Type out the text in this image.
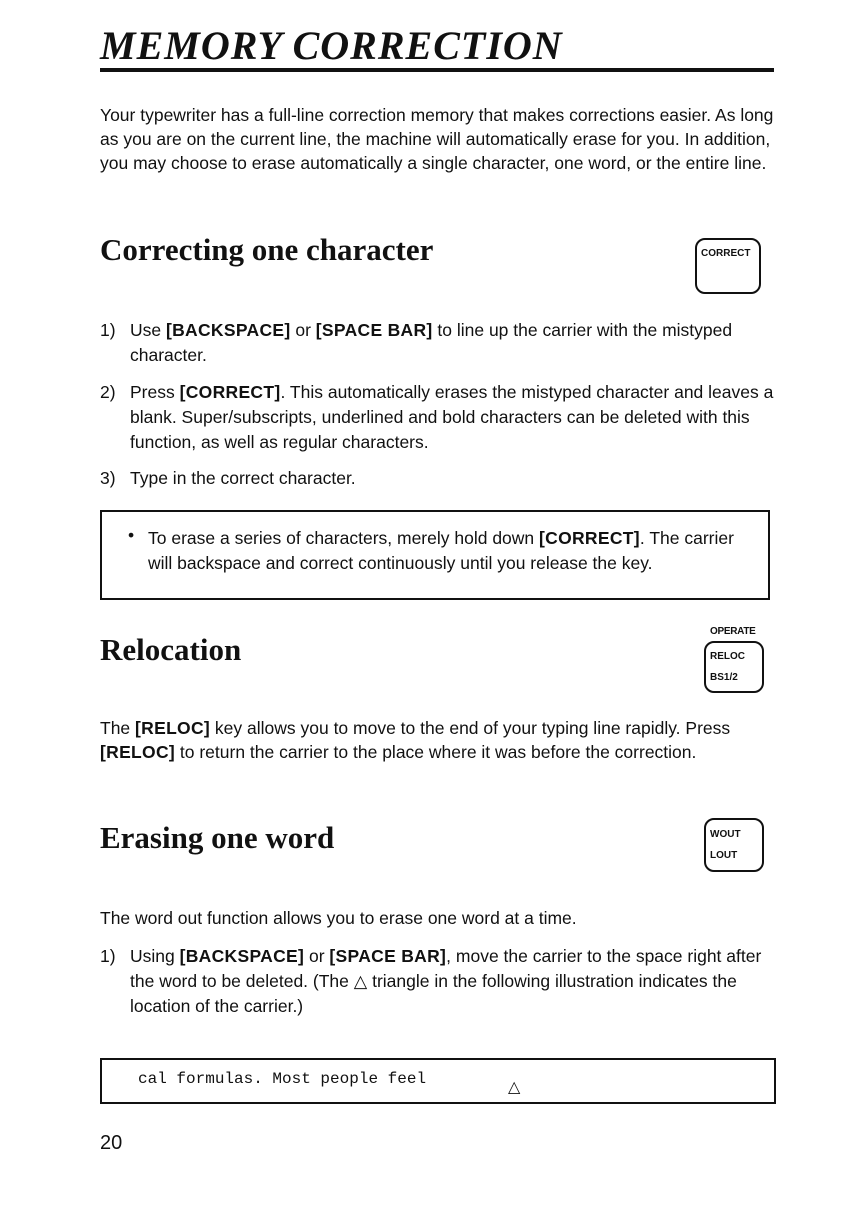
MEMORY CORRECTION

Your typewriter has a full-line correction memory that makes corrections easier. As long as you are on the current line, the machine will automatically erase for you. In addition, you may choose to erase automatically a single character, one word, or the entire line.

Correcting one character	CORRECT
1) Use [BACKSPACE] or [SPACE BAR] to line up the carrier with the mistyped character.
2) Press [CORRECT]. This automatically erases the mistyped character and leaves a blank. Super/subscripts, underlined and bold characters can be deleted with this function, as well as regular characters.
3) Type in the correct character.
• To erase a series of characters, merely hold down [CORRECT]. The carrier will backspace and correct continuously until you release the key.
Relocation
OPERATE
RELOC
BS1/2

The [RELOC] key allows you to move to the end of your typing line rapidly. Press [RELOC] to return the carrier to the place where it was before the correction.

Erasing one word	WOUT
LOUT

The word out function allows you to erase one word at a time.

1) Using [BACKSPACE] or [SPACE BAR], move the carrier to the space right after the word to be deleted. (The △ triangle in the following illustration indicates the location of the carrier.)
cal formulas. Most people feel	△
20
